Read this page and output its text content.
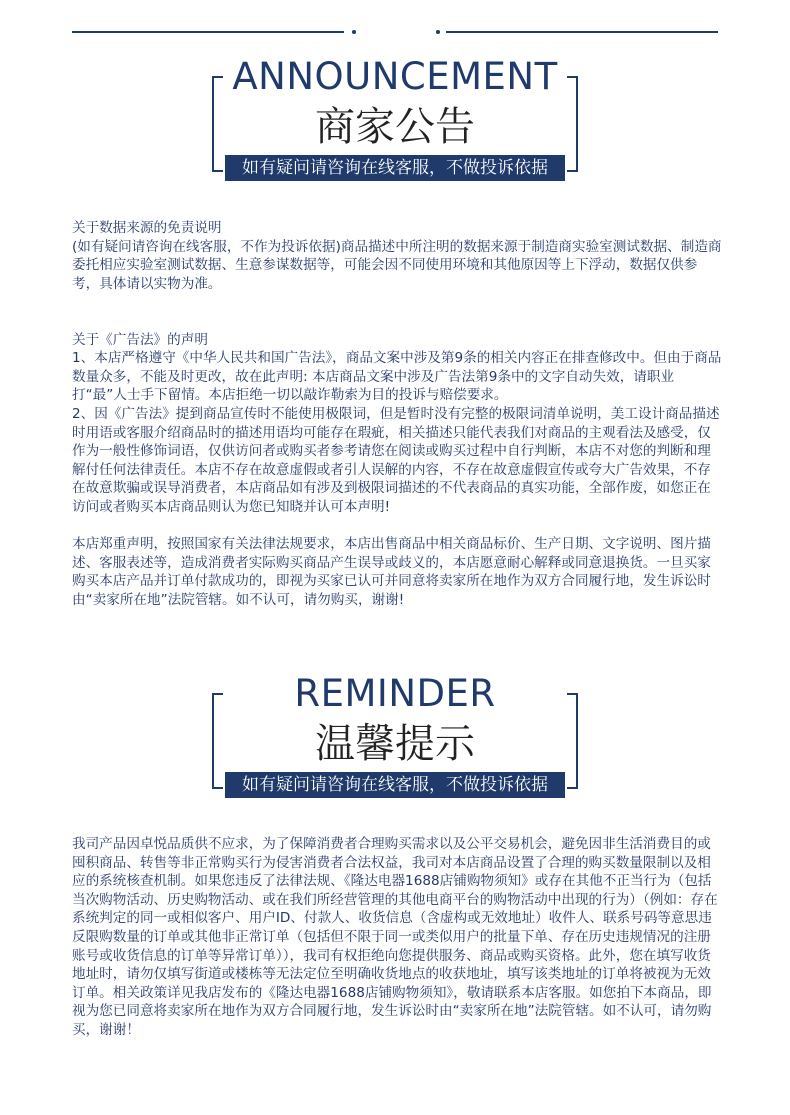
ANNOUNCEMENT
商家公告
如有疑问请咨询在线客服，不做投诉依据

关于数据来源的免责说明

(如有疑问请咨询在线客服，不作为投诉依据)商品描述中所注明的数据来源于制造商实验室测试数据、制造商委托相应实验室测试数据、生意参谋数据等，可能会因不同使用环境和其他原因等上下浮动，数据仅供参考，具体请以实物为准。

关于《广告法》的声明

1、本店严格遵守《中华人民共和国广告法》，商品文案中涉及第9条的相关内容正在排查修改中。但由于商品数量众多，不能及时更改，故在此声明: 本店商品文案中涉及广告法第9条中的文字自动失效，请职业打“最”人士手下留情。本店拒绝一切以敲诈勒索为目的投诉与赔偿要求。

2、因《广告法》提到商品宣传时不能使用极限词，但是暂时没有完整的极限词清单说明，美工设计商品描述时用语或客服介绍商品时的描述用语均可能存在瑕疵，相关描述只能代表我们对商品的主观看法及感受，仅作为一般性修饰词语，仅供访问者或购买者参考请您在阅读或购买过程中自行判断，本店不对您的判断和理解付任何法律责任。本店不存在故意虚假或者引人误解的内容，不存在故意虚假宣传或夸大广告效果，不存在故意欺骗或误导消费者，本店商品如有涉及到极限词描述的不代表商品的真实功能，全部作废，如您正在访问或者购买本店商品则认为您已知晓并认可本声明!

本店郑重声明，按照国家有关法律法规要求，本店出售商品中相关商品标价、生产日期、文字说明、图片描述、客服表述等，造成消费者实际购买商品产生误导或歧义的，本店愿意耐心解释或同意退换货。一旦买家购买本店产品并订单付款成功的，即视为买家已认可并同意将卖家所在地作为双方合同履行地，发生诉讼时由“卖家所在地”法院管辖。如不认可，请勿购买，谢谢!

REMINDER
温馨提示
如有疑问请咨询在线客服，不做投诉依据

我司产品因卓悦品质供不应求，为了保障消费者合理购买需求以及公平交易机会，避免因非生活消费目的或囤积商品、转售等非正常购买行为侵害消费者合法权益，我司对本店商品设置了合理的购买数量限制以及相应的系统核查机制。如果您违反了法律法规、《隆达电器1688店铺购物须知》或存在其他不正当行为（包括当次购物活动、历史购物活动、或在我们所经营管理的其他电商平台的购物活动中出现的行为）（例如：存在系统判定的同一或相似客户、用户ID、付款人、收货信息（含虚构或无效地址）收件人、联系号码等意思违反限购数量的订单或其他非正常订单（包括但不限于同一或类似用户的批量下单、存在历史违规情况的注册账号或收货信息的订单等异常订单）），我司有权拒绝向您提供服务、商品或购买资格。此外，您在填写收货地址时，请勿仅填写街道或楼栋等无法定位至明确收货地点的收获地址，填写该类地址的订单将被视为无效订单。相关政策详见我店发布的《隆达电器1688店铺购物须知》，敬请联系本店客服。如您拍下本商品，即视为您已同意将卖家所在地作为双方合同履行地，发生诉讼时由“卖家所在地”法院管辖。如不认可，请勿购买，谢谢！
